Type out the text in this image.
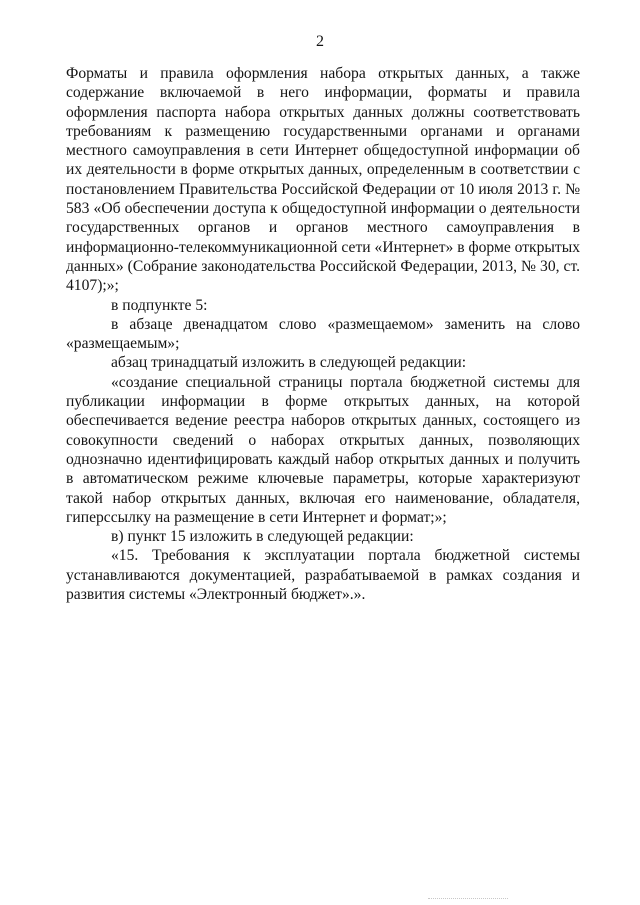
2

Форматы и правила оформления набора открытых данных, а также содержание включаемой в него информации, форматы и правила оформления паспорта набора открытых данных должны соответствовать требованиям к размещению государственными органами и органами местного самоуправления в сети Интернет общедоступной информации об их деятельности в форме открытых данных, определенным в соответствии с постановлением Правительства Российской Федерации от 10 июля 2013 г. № 583 «Об обеспечении доступа к общедоступной информации о деятельности государственных органов и органов местного самоуправления в информационно-телекоммуникационной сети «Интернет» в форме открытых данных» (Собрание законодательства Российской Федерации, 2013, № 30, ст. 4107);»;

в подпункте 5:

в абзаце двенадцатом слово «размещаемом» заменить на слово «размещаемым»;

абзац тринадцатый изложить в следующей редакции:

«создание специальной страницы портала бюджетной системы для публикации информации в форме открытых данных, на которой обеспечивается ведение реестра наборов открытых данных, состоящего из совокупности сведений о наборах открытых данных, позволяющих однозначно идентифицировать каждый набор открытых данных и получить в автоматическом режиме ключевые параметры, которые характеризуют такой набор открытых данных, включая его наименование, обладателя, гиперссылку на размещение в сети Интернет и формат;»;

в) пункт 15 изложить в следующей редакции:

«15. Требования к эксплуатации портала бюджетной системы устанавливаются документацией, разрабатываемой в рамках создания и развития системы «Электронный бюджет».».
